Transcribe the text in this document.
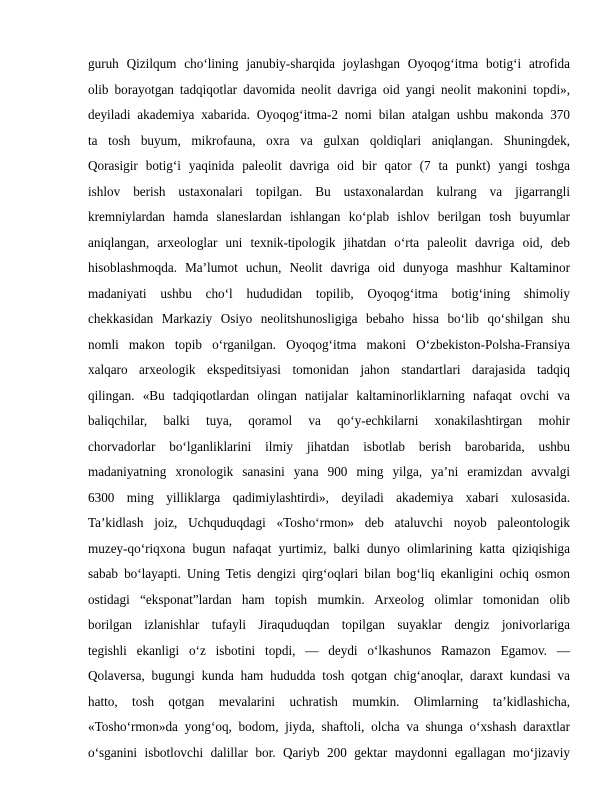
guruh Qizilqum cho‘lining janubiy-sharqida joylashgan Oyoqog‘itma botig‘i atrofida
olib borayotgan tadqiqotlar davomida neolit davriga oid yangi neolit makonini topdi»,
deyiladi akademiya xabarida. Oyoqog‘itma-2 nomi bilan atalgan ushbu makonda 370
ta tosh buyum, mikrofauna, oxra va gulxan qoldiqlari aniqlangan. Shuningdek,
Qorasigir botig‘i yaqinida paleolit davriga oid bir qator (7 ta punkt) yangi toshga
ishlov berish ustaxonalari topilgan. Bu ustaxonalardan kulrang va jigarrangli
kremniylardan hamda slaneslardan ishlangan ko‘plab ishlov berilgan tosh buyumlar
aniqlangan, arxeologlar uni texnik-tipologik jihatdan o‘rta paleolit davriga oid, deb
hisoblashmoqda. Ma’lumot uchun, Neolit davriga oid dunyoga mashhur Kaltaminor
madaniyati ushbu cho‘l hududidan topilib, Oyoqog‘itma botig‘ining shimoliy
chekkasidan Markaziy Osiyo neolitshunosligiga bebaho hissa bo‘lib qo‘shilgan shu
nomli makon topib o‘rganilgan. Oyoqog‘itma makoni O‘zbekiston-Polsha-Fransiya
xalqaro arxeologik ekspeditsiyasi tomonidan jahon standartlari darajasida tadqiq
qilingan. «Bu tadqiqotlardan olingan natijalar kaltaminorliklarning nafaqat ovchi va
baliqchilar, balki tuya, qoramol va qo‘y-echkilarni xonakilashtirgan mohir
chorvadorlar bo‘lganliklarini ilmiy jihatdan isbotlab berish barobarida, ushbu
madaniyatning xronologik sanasini yana 900 ming yilga, ya’ni eramizdan avvalgi
6300 ming yilliklarga qadimiylashtirdi», deyiladi akademiya xabari xulosasida.
Ta’kidlash joiz, Uchquduqdagi «Tosho‘rmon» deb ataluvchi noyob paleontologik
muzey-qo‘riqxona bugun nafaqat yurtimiz, balki dunyo olimlarining katta qiziqishiga
sabab bo‘layapti. Uning Tetis dengizi qirg‘oqlari bilan bog‘liq ekanligini ochiq osmon
ostidagi “eksponat”lardan ham topish mumkin. Arxeolog olimlar tomonidan olib
borilgan izlanishlar tufayli Jiraquduqdan topilgan suyaklar dengiz jonivorlariga
tegishli ekanligi o‘z isbotini topdi, — deydi o‘lkashunos Ramazon Egamov. —
Qolaversa, bugungi kunda ham hududda tosh qotgan chig‘anoqlar, daraxt kundasi va
hatto, tosh qotgan mevalarini uchratish mumkin. Olimlarning ta’kidlashicha,
«Tosho‘rmon»da yong‘oq, bodom, jiyda, shaftoli, olcha va shunga o‘xshash daraxtlar
o‘sganini isbotlovchi dalillar bor. Qariyb 200 gektar maydonni egallagan mo‘jizaviy
